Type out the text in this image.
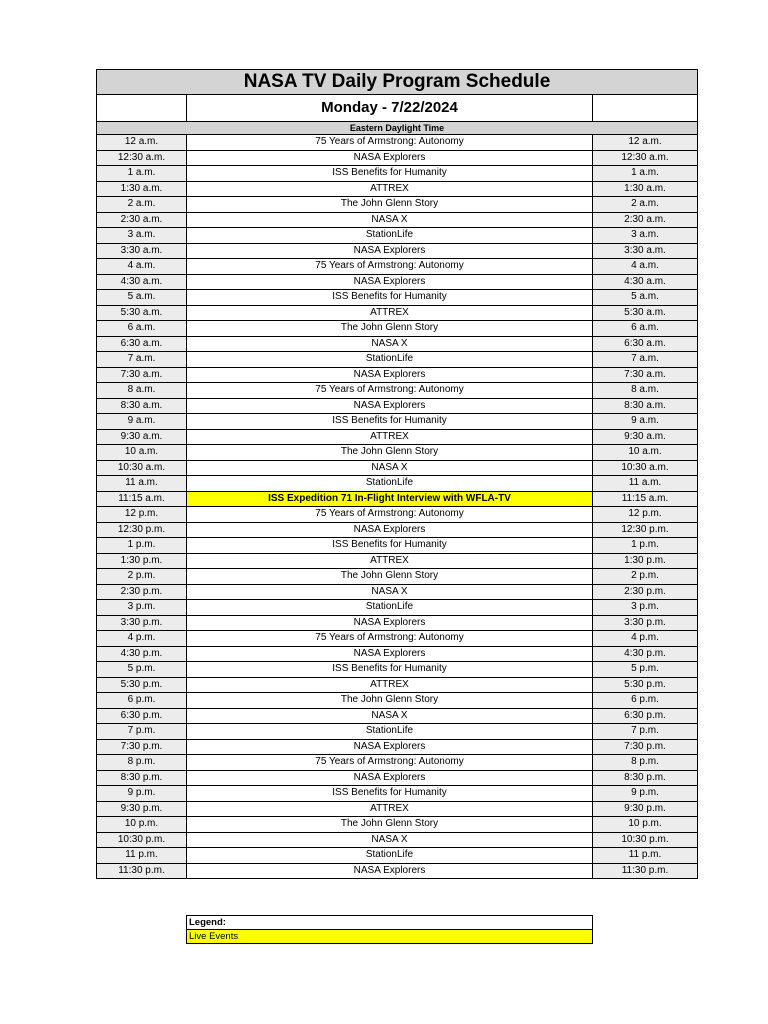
NASA TV Daily Program Schedule		
	Monday - 7/22/2024	
Eastern Daylight Time		
12 a.m.	75 Years of Armstrong: Autonomy	12 a.m.
12:30 a.m.	NASA Explorers	12:30 a.m.
1 a.m.	ISS Benefits for Humanity	1 a.m.
1:30 a.m.	ATTREX	1:30 a.m.
2 a.m.	The John Glenn Story	2 a.m.
2:30 a.m.	NASA X	2:30 a.m.
3 a.m.	StationLife	3 a.m.
3:30 a.m.	NASA Explorers	3:30 a.m.
4 a.m.	75 Years of Armstrong: Autonomy	4 a.m.
4:30 a.m.	NASA Explorers	4:30 a.m.
5 a.m.	ISS Benefits for Humanity	5 a.m.
5:30 a.m.	ATTREX	5:30 a.m.
6 a.m.	The John Glenn Story	6 a.m.
6:30 a.m.	NASA X	6:30 a.m.
7 a.m.	StationLife	7 a.m.
7:30 a.m.	NASA Explorers	7:30 a.m.
8 a.m.	75 Years of Armstrong: Autonomy	8 a.m.
8:30 a.m.	NASA Explorers	8:30 a.m.
9 a.m.	ISS Benefits for Humanity	9 a.m.
9:30 a.m.	ATTREX	9:30 a.m.
10 a.m.	The John Glenn Story	10 a.m.
10:30 a.m.	NASA X	10:30 a.m.
11 a.m.	StationLife	11 a.m.
11:15 a.m.	ISS Expedition 71 In-Flight Interview with WFLA-TV	11:15 a.m.
12 p.m.	75 Years of Armstrong: Autonomy	12 p.m.
12:30 p.m.	NASA Explorers	12:30 p.m.
1 p.m.	ISS Benefits for Humanity	1 p.m.
1:30 p.m.	ATTREX	1:30 p.m.
2 p.m.	The John Glenn Story	2 p.m.
2:30 p.m.	NASA X	2:30 p.m.
3 p.m.	StationLife	3 p.m.
3:30 p.m.	NASA Explorers	3:30 p.m.
4 p.m.	75 Years of Armstrong: Autonomy	4 p.m.
4:30 p.m.	NASA Explorers	4:30 p.m.
5 p.m.	ISS Benefits for Humanity	5 p.m.
5:30 p.m.	ATTREX	5:30 p.m.
6 p.m.	The John Glenn Story	6 p.m.
6:30 p.m.	NASA X	6:30 p.m.
7 p.m.	StationLife	7 p.m.
7:30 p.m.	NASA Explorers	7:30 p.m.
8 p.m.	75 Years of Armstrong: Autonomy	8 p.m.
8:30 p.m.	NASA Explorers	8:30 p.m.
9 p.m.	ISS Benefits for Humanity	9 p.m.
9:30 p.m.	ATTREX	9:30 p.m.
10 p.m.	The John Glenn Story	10 p.m.
10:30 p.m.	NASA X	10:30 p.m.
11 p.m.	StationLife	11 p.m.
11:30 p.m.	NASA Explorers	11:30 p.m.
Legend:
Live Events
